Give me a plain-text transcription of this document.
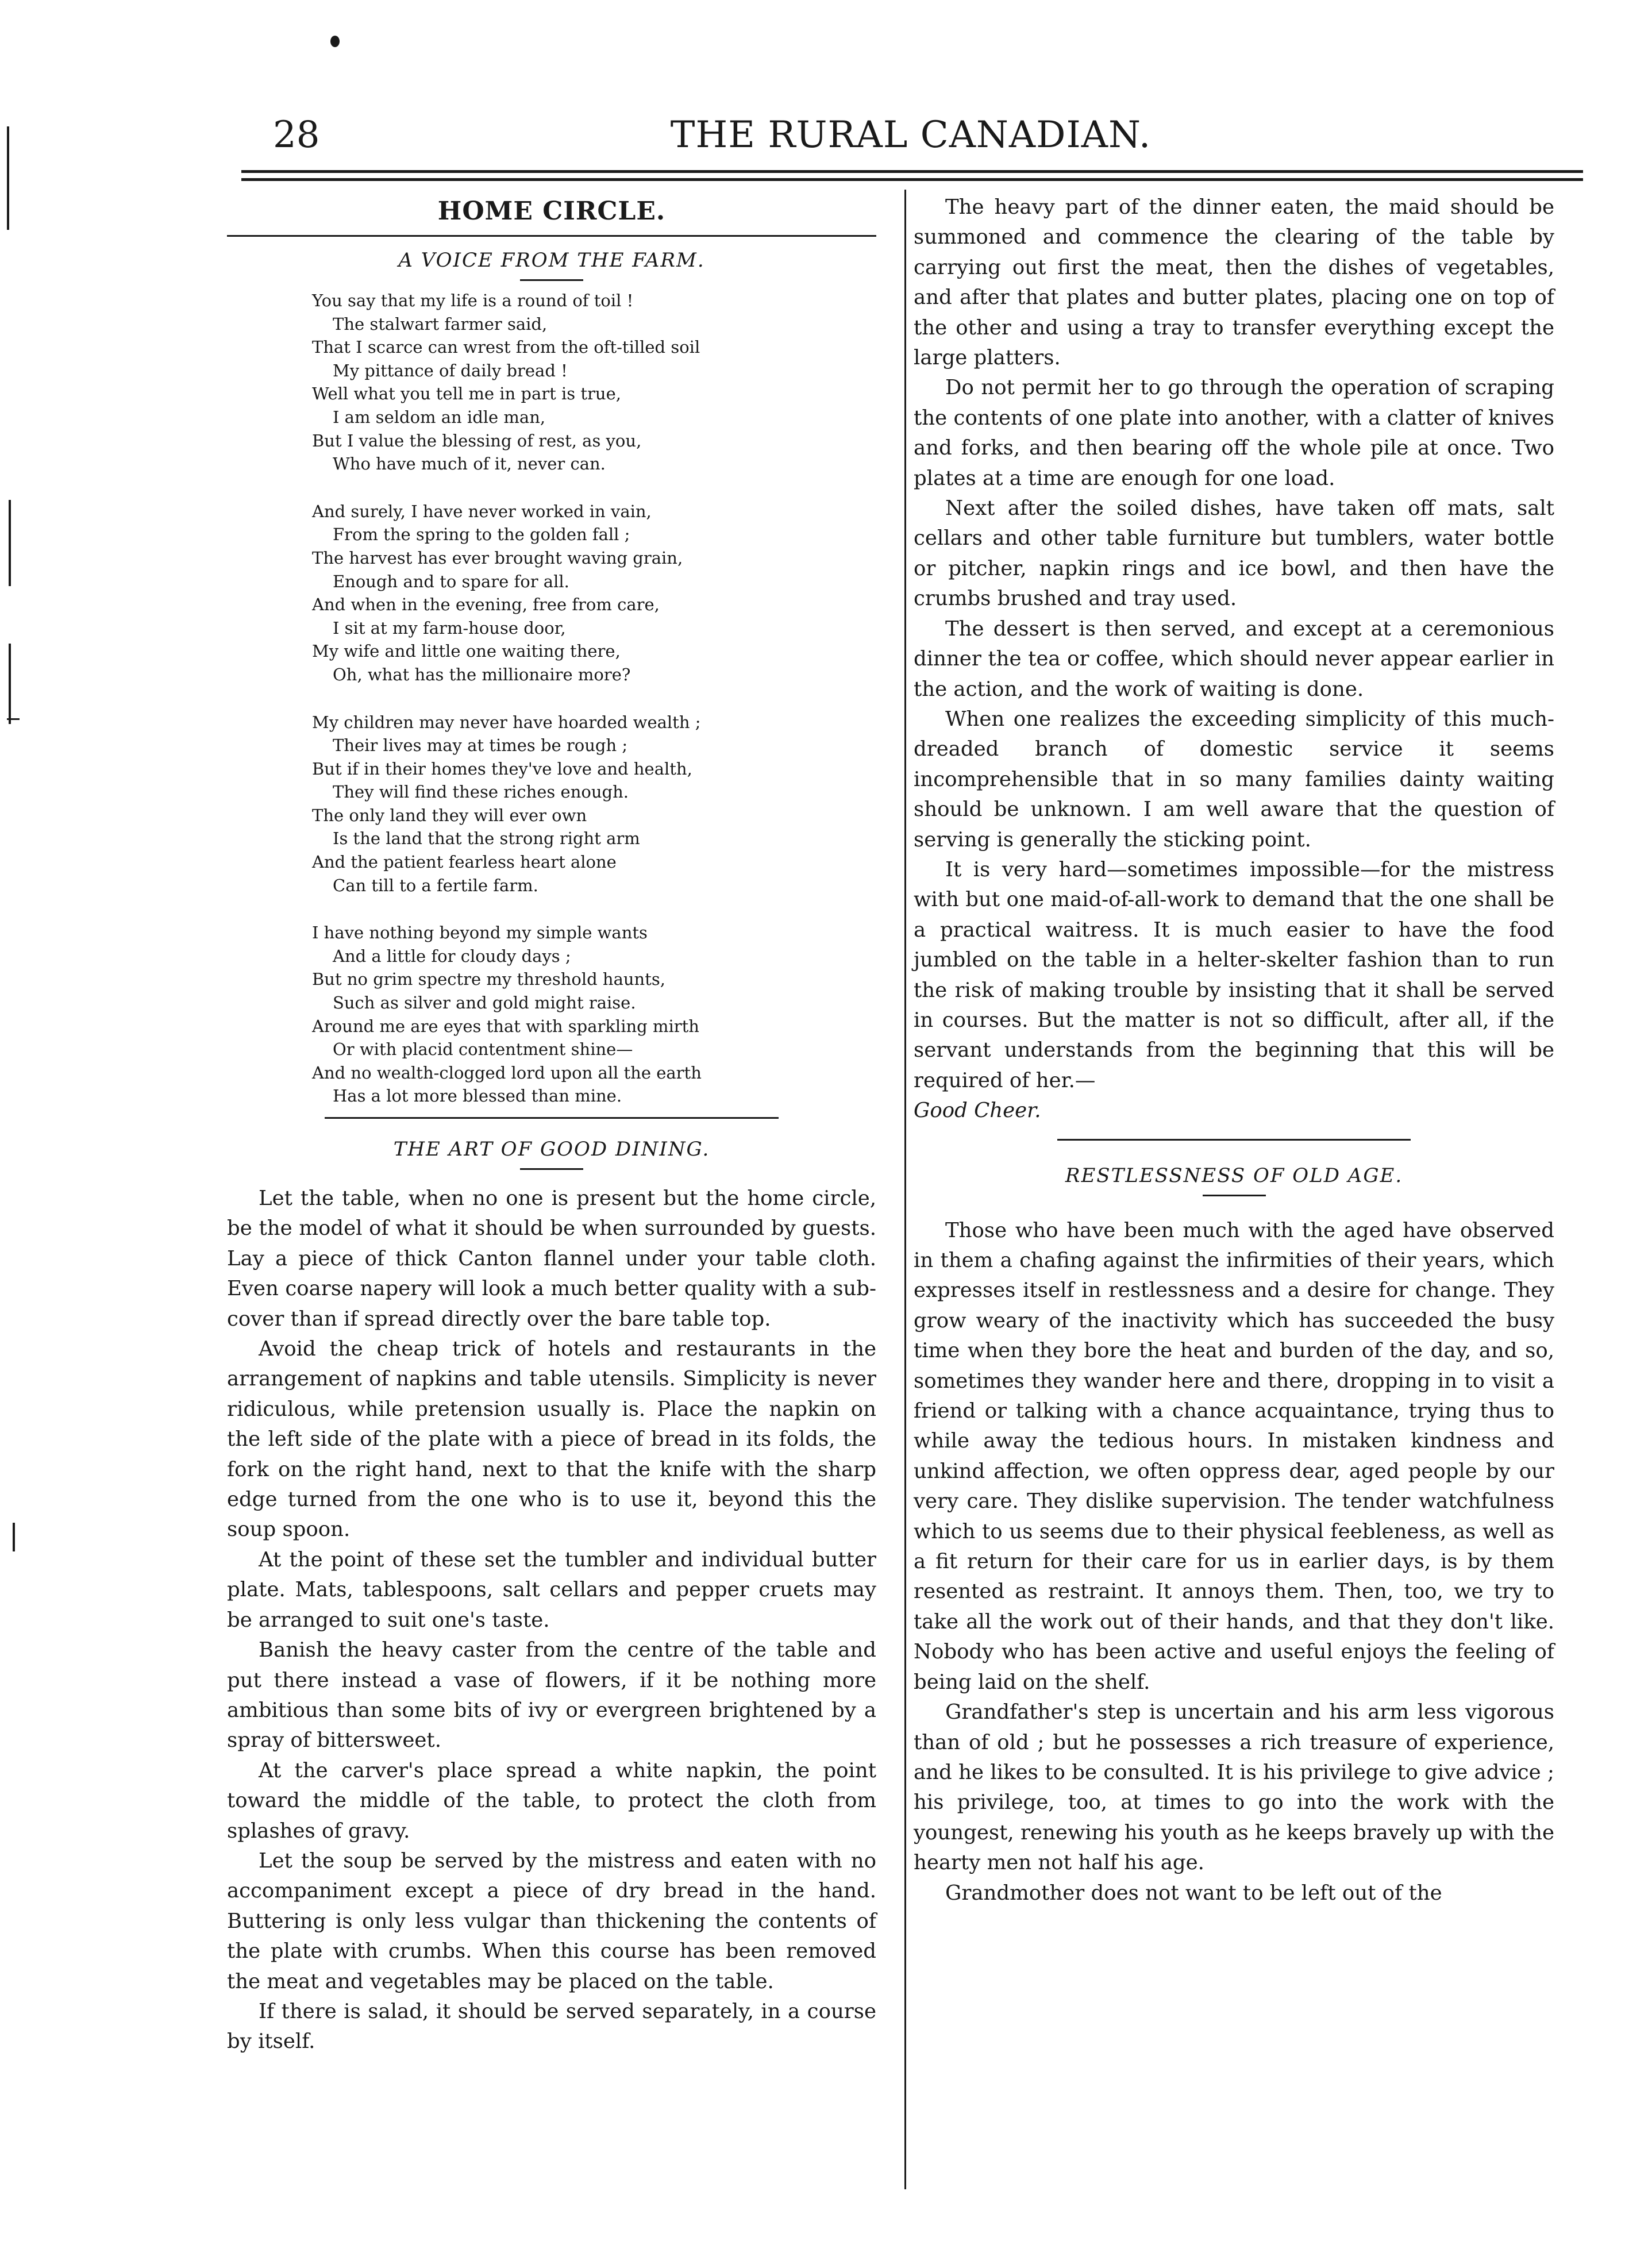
28	THE RURAL CANADIAN.
HOME CIRCLE.
A VOICE FROM THE FARM.
You say that my life is a round of toil !
The stalwart farmer said,
That I scarce can wrest from the oft-tilled soil
My pittance of daily bread !
Well what you tell me in part is true,
I am seldom an idle man,
But I value the blessing of rest, as you,
Who have much of it, never can.
And surely, I have never worked in vain,
From the spring to the golden fall ;
The harvest has ever brought waving grain,
Enough and to spare for all.
And when in the evening, free from care,
I sit at my farm-house door,
My wife and little one waiting there,
Oh, what has the millionaire more?
My children may never have hoarded wealth ;
Their lives may at times be rough ;
But if in their homes they've love and health,
They will find these riches enough.
The only land they will ever own
Is the land that the strong right arm
And the patient fearless heart alone
Can till to a fertile farm.
I have nothing beyond my simple wants
And a little for cloudy days ;
But no grim spectre my threshold haunts,
Such as silver and gold might raise.
Around me are eyes that with sparkling mirth
Or with placid contentment shine—
And no wealth-clogged lord upon all the earth
Has a lot more blessed than mine.
THE ART OF GOOD DINING.

Let the table, when no one is present but the home circle, be the model of what it should be when surrounded by guests. Lay a piece of thick Canton flannel under your table cloth. Even coarse napery will look a much better quality with a sub-cover than if spread directly over the bare table top.

Avoid the cheap trick of hotels and restaurants in the arrangement of napkins and table utensils. Simplicity is never ridiculous, while pretension usually is. Place the napkin on the left side of the plate with a piece of bread in its folds, the fork on the right hand, next to that the knife with the sharp edge turned from the one who is to use it, beyond this the soup spoon.

At the point of these set the tumbler and individual butter plate. Mats, tablespoons, salt cellars and pepper cruets may be arranged to suit one's taste.

Banish the heavy caster from the centre of the table and put there instead a vase of flowers, if it be nothing more ambitious than some bits of ivy or evergreen brightened by a spray of bittersweet.

At the carver's place spread a white napkin, the point toward the middle of the table, to protect the cloth from splashes of gravy.

Let the soup be served by the mistress and eaten with no accompaniment except a piece of dry bread in the hand. Buttering is only less vulgar than thickening the contents of the plate with crumbs. When this course has been removed the meat and vegetables may be placed on the table.

If there is salad, it should be served separately, in a course by itself.

The heavy part of the dinner eaten, the maid should be summoned and commence the clearing of the table by carrying out first the meat, then the dishes of vegetables, and after that plates and butter plates, placing one on top of the other and using a tray to transfer everything except the large platters.

Do not permit her to go through the operation of scraping the contents of one plate into another, with a clatter of knives and forks, and then bearing off the whole pile at once. Two plates at a time are enough for one load.

Next after the soiled dishes, have taken off mats, salt cellars and other table furniture but tumblers, water bottle or pitcher, napkin rings and ice bowl, and then have the crumbs brushed and tray used.

The dessert is then served, and except at a ceremonious dinner the tea or coffee, which should never appear earlier in the action, and the work of waiting is done.

When one realizes the exceeding simplicity of this much-dreaded branch of domestic service it seems incomprehensible that in so many families dainty waiting should be unknown. I am well aware that the question of serving is generally the sticking point.

It is very hard—sometimes impossible—for the mistress with but one maid-of-all-work to demand that the one shall be a practical waitress. It is much easier to have the food jumbled on the table in a helter-skelter fashion than to run the risk of making trouble by insisting that it shall be served in courses. But the matter is not so difficult, after all, if the servant understands from the beginning that this will be required of her.—

Good Cheer.

RESTLESSNESS OF OLD AGE.

Those who have been much with the aged have observed in them a chafing against the infirmities of their years, which expresses itself in restlessness and a desire for change. They grow weary of the inactivity which has succeeded the busy time when they bore the heat and burden of the day, and so, sometimes they wander here and there, dropping in to visit a friend or talking with a chance acquaintance, trying thus to while away the tedious hours. In mistaken kindness and unkind affection, we often oppress dear, aged people by our very care. They dislike supervision. The tender watchfulness which to us seems due to their physical feebleness, as well as a fit return for their care for us in earlier days, is by them resented as restraint. It annoys them. Then, too, we try to take all the work out of their hands, and that they don't like. Nobody who has been active and useful enjoys the feeling of being laid on the shelf.

Grandfather's step is uncertain and his arm less vigorous than of old ; but he possesses a rich treasure of experience, and he likes to be consulted. It is his privilege to give advice ; his privilege, too, at times to go into the work with the youngest, renewing his youth as he keeps bravely up with the hearty men not half his age.

Grandmother does not want to be left out of the
